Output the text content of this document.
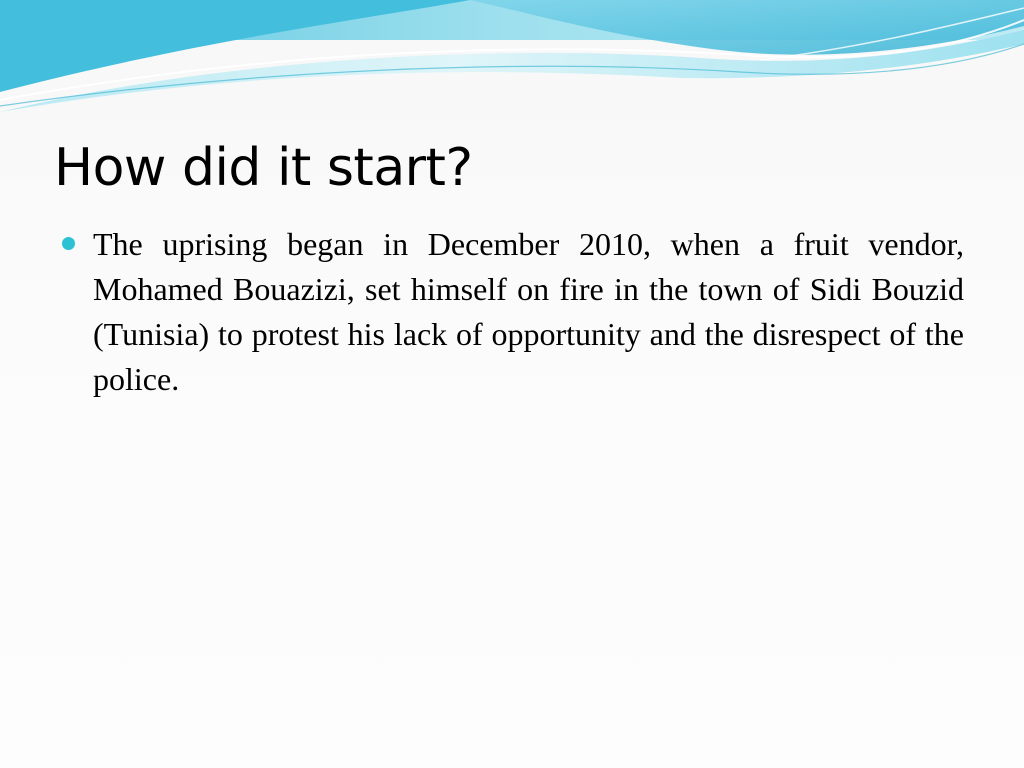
How did it start?
The uprising began in December 2010, when a fruit vendor, Mohamed Bouazizi, set himself on fire in the town of Sidi Bouzid (Tunisia) to protest his lack of opportunity and the disrespect of the police.
